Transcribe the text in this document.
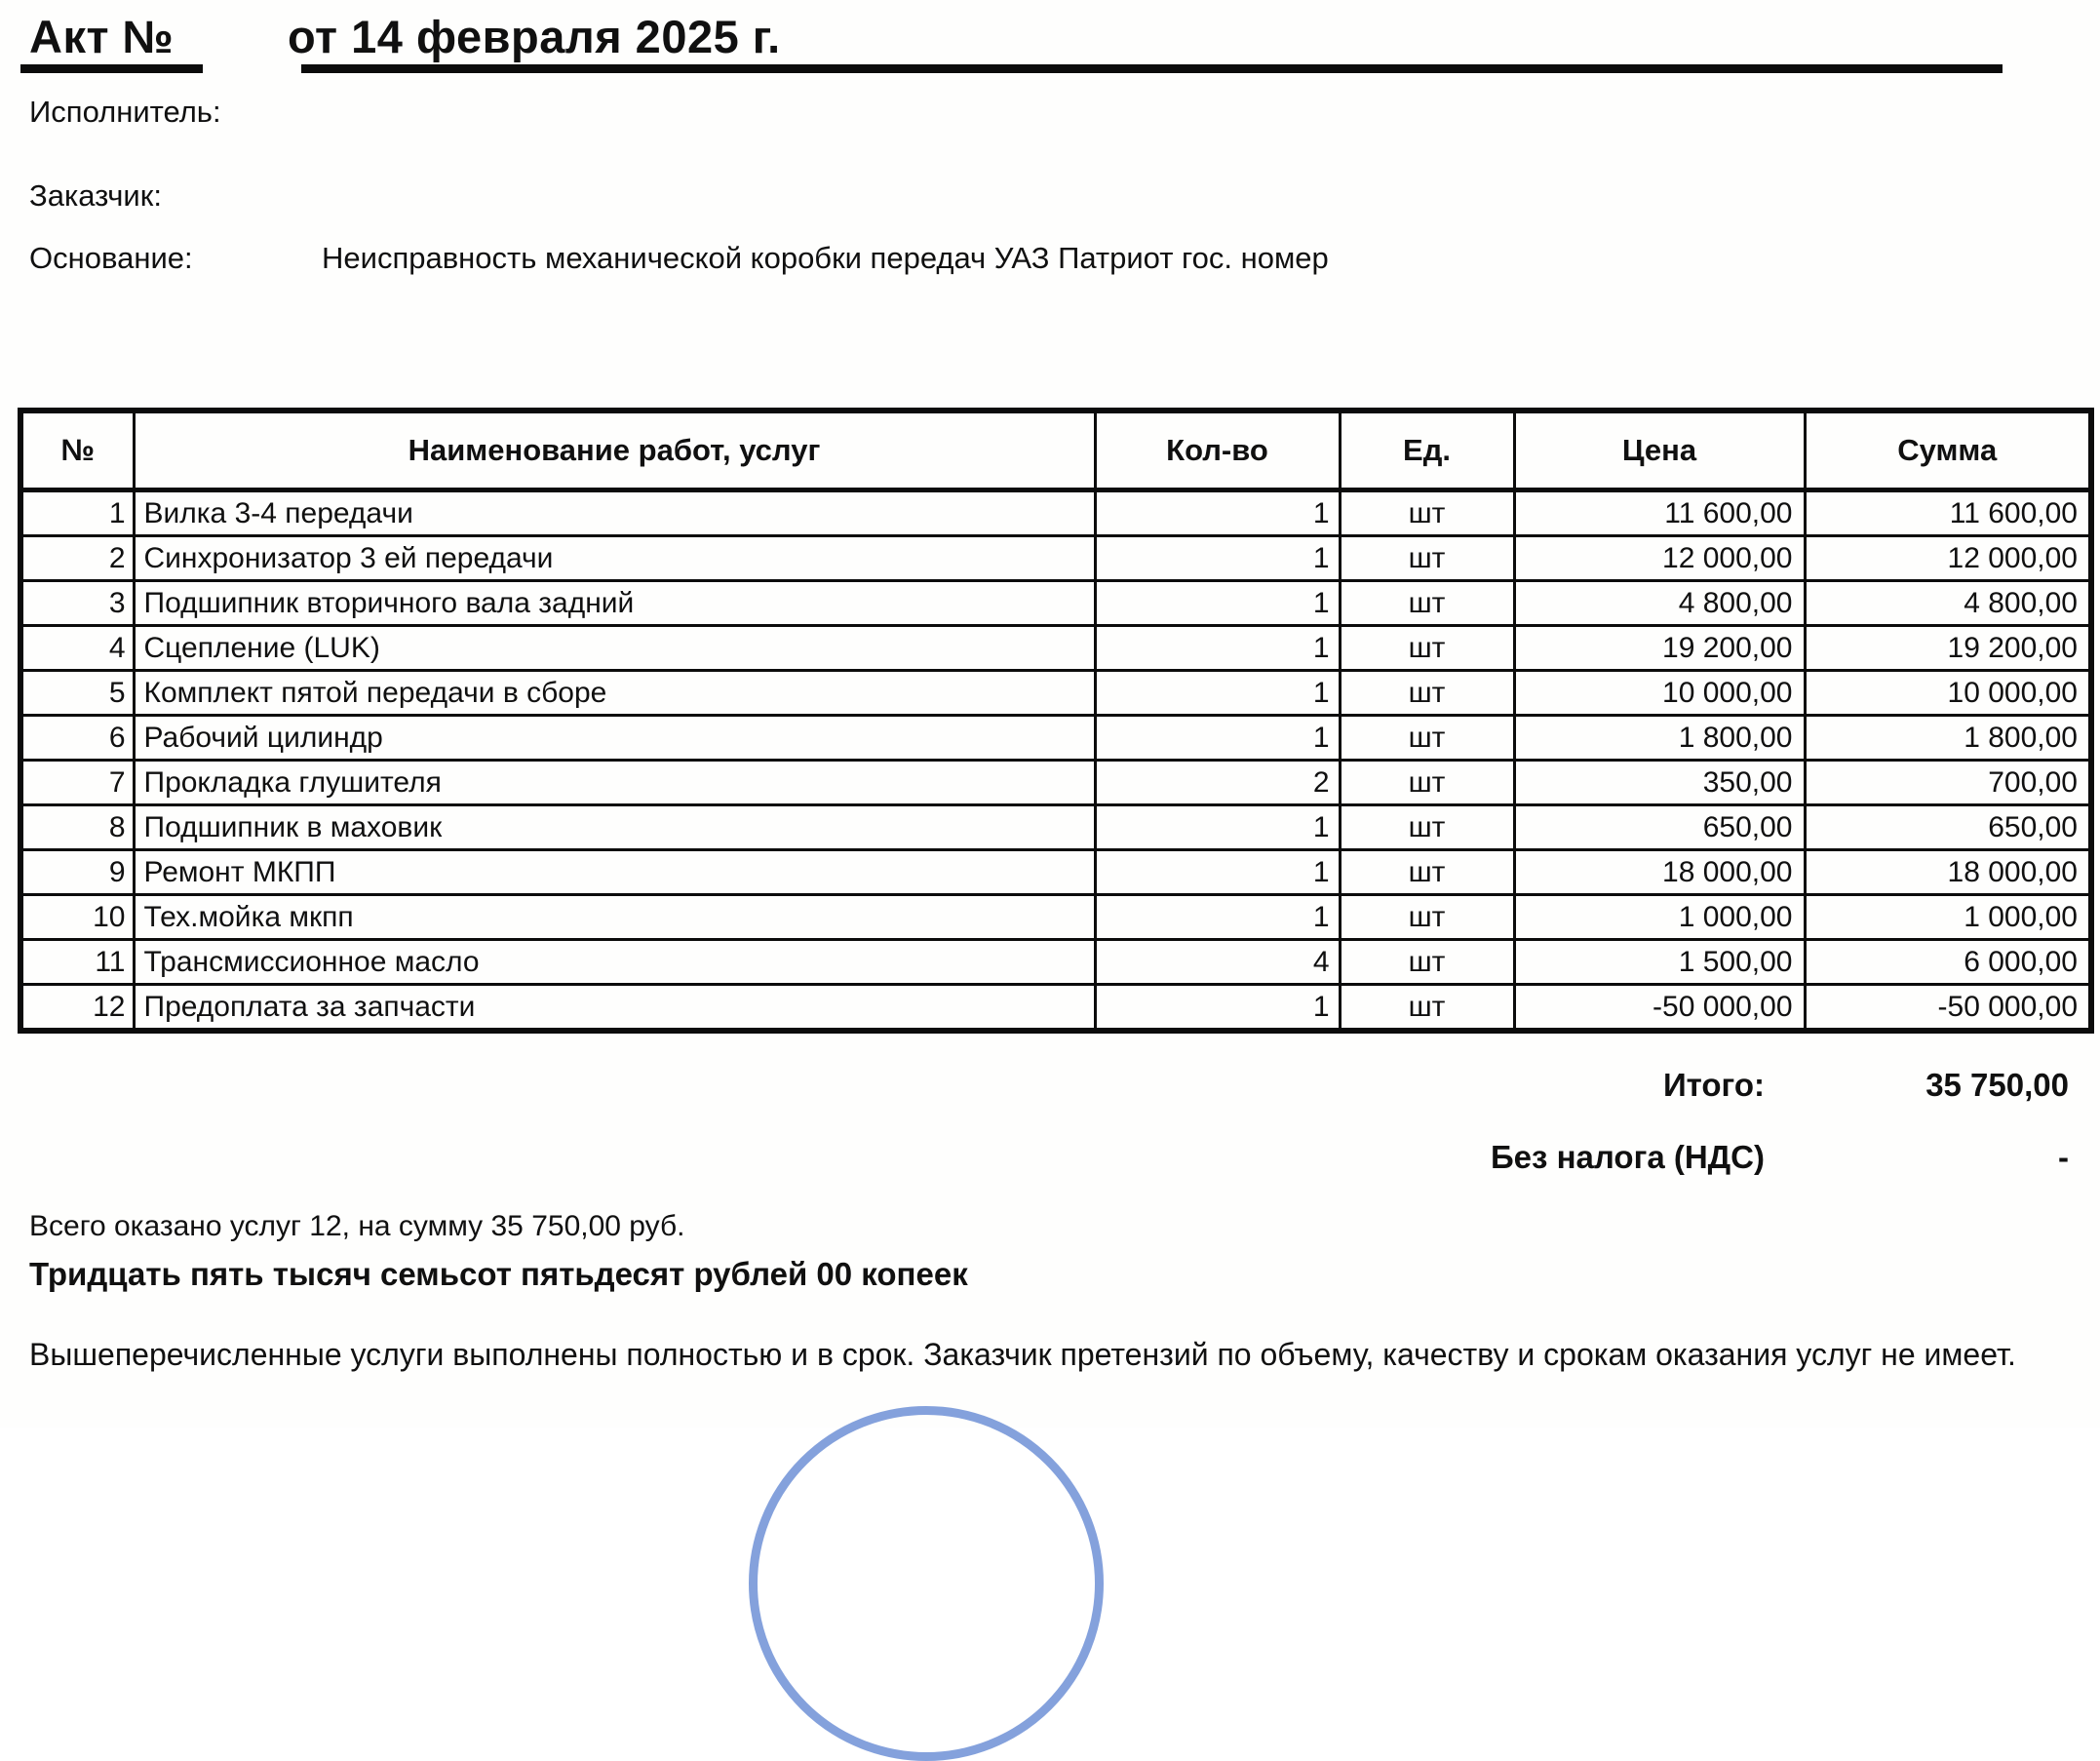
Акт № от 14 февраля 2025 г.
Исполнитель:
Заказчик:
Основание:	Неисправность механической коробки передач УАЗ Патриот гос. номер
№	Наименование работ, услуг	Кол-во	Ед.	Цена	Сумма
1	Вилка 3-4 передачи	1	шт	11 600,00	11 600,00
2	Синхронизатор 3 ей передачи	1	шт	12 000,00	12 000,00
3	Подшипник вторичного вала задний	1	шт	4 800,00	4 800,00
4	Сцепление (LUK)	1	шт	19 200,00	19 200,00
5	Комплект пятой передачи в сборе	1	шт	10 000,00	10 000,00
6	Рабочий цилиндр	1	шт	1 800,00	1 800,00
7	Прокладка глушителя	2	шт	350,00	700,00
8	Подшипник в маховик	1	шт	650,00	650,00
9	Ремонт МКПП	1	шт	18 000,00	18 000,00
10	Тех.мойка мкпп	1	шт	1 000,00	1 000,00
11	Трансмиссионное масло	4	шт	1 500,00	6 000,00
12	Предоплата за запчасти	1	шт	-50 000,00	-50 000,00
Итого:	35 750,00
Без налога (НДС)	-
Всего оказано услуг 12, на сумму 35 750,00 руб.
Тридцать пять тысяч семьсот пятьдесят рублей 00 копеек
Вышеперечисленные услуги выполнены полностью и в срок. Заказчик претензий по объему, качеству и срокам оказания услуг не имеет.
